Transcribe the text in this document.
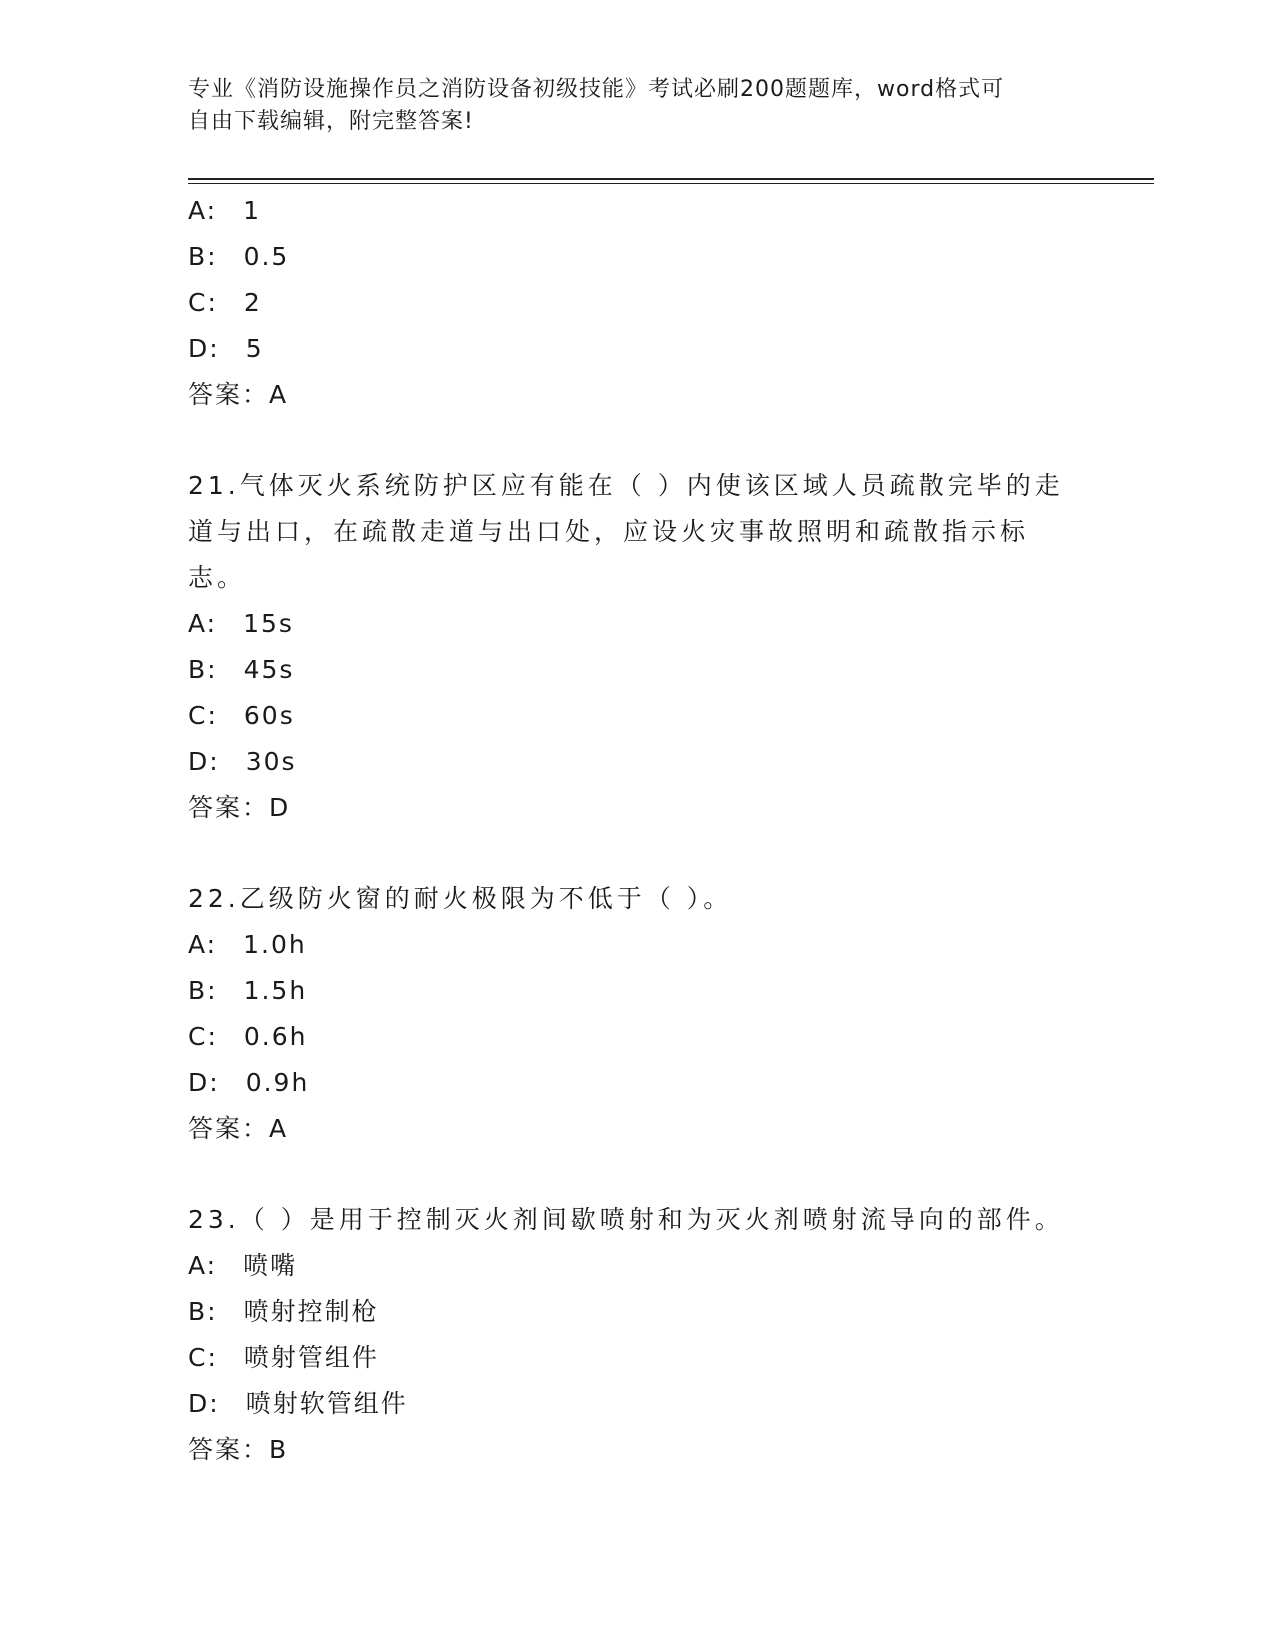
专业《消防设施操作员之消防设备初级技能》考试必刷200题题库，word格式可
自由下载编辑，附完整答案!
A: 1
B: 0.5
C: 2
D: 5
答案：A
21.气体灭火系统防护区应有能在（ ）内使该区域人员疏散完毕的走道与出口，在疏散走道与出口处，应设火灾事故照明和疏散指示标志。
A: 15s
B: 45s
C: 60s
D: 30s
答案：D
22.乙级防火窗的耐火极限为不低于（ ）。
A: 1.0h
B: 1.5h
C: 0.6h
D: 0.9h
答案：A
23.（ ）是用于控制灭火剂间歇喷射和为灭火剂喷射流导向的部件。
A: 喷嘴
B: 喷射控制枪
C: 喷射管组件
D: 喷射软管组件
答案：B
